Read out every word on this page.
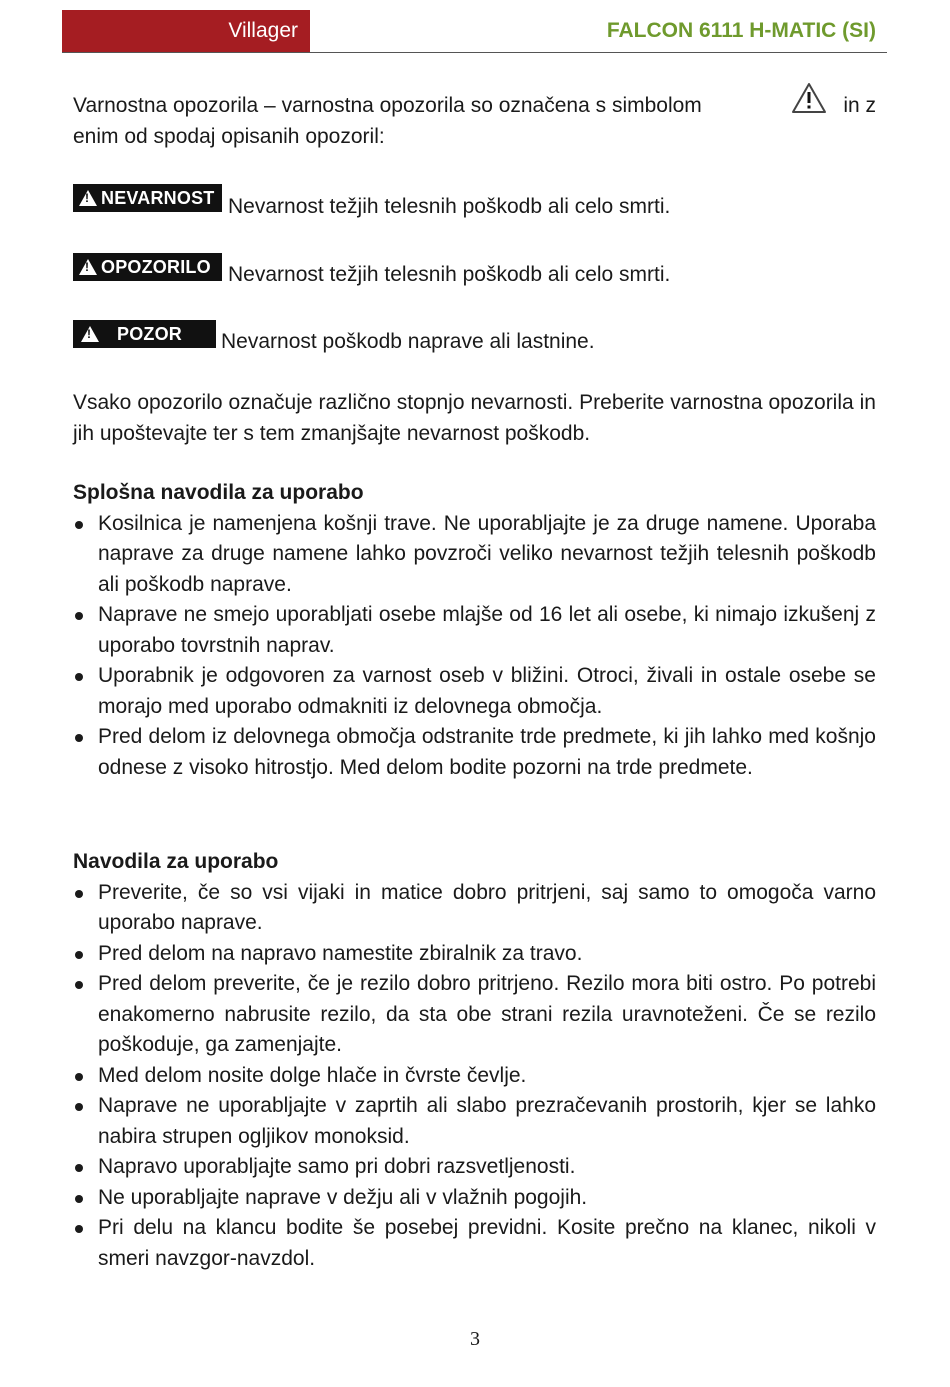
Villager	FALCON 6111 H-MATIC (SI)
Varnostna opozorila – varnostna opozorila so označena s simbolom	in z
enim od spodaj opisanih opozoril:
!
NEVARNOST Nevarnost težjih telesnih poškodb ali celo smrti.
!
OPOZORILO Nevarnost težjih telesnih poškodb ali celo smrti.
!
POZOR Nevarnost poškodb naprave ali lastnine.
Vsako opozorilo označuje različno stopnjo nevarnosti. Preberite varnostna opozorila in jih upoštevajte ter s tem zmanjšajte nevarnost poškodb.
Splošna navodila za uporabo
Kosilnica je namenjena košnji trave. Ne uporabljajte je za druge namene. Uporaba naprave za druge namene lahko povzroči veliko nevarnost težjih telesnih poškodb ali poškodb naprave.
Naprave ne smejo uporabljati osebe mlajše od 16 let ali osebe, ki nimajo izkušenj z uporabo tovrstnih naprav.
Uporabnik je odgovoren za varnost oseb v bližini. Otroci, živali in ostale osebe se morajo med uporabo odmakniti iz delovnega območja.
Pred delom iz delovnega območja odstranite trde predmete, ki jih lahko med košnjo odnese z visoko hitrostjo. Med delom bodite pozorni na trde predmete.
Navodila za uporabo
Preverite, če so vsi vijaki in matice dobro pritrjeni, saj samo to omogoča varno uporabo naprave.
Pred delom na napravo namestite zbiralnik za travo.
Pred delom preverite, če je rezilo dobro pritrjeno. Rezilo mora biti ostro. Po potrebi enakomerno nabrusite rezilo, da sta obe strani rezila uravnoteženi. Če se rezilo poškoduje, ga zamenjajte.
Med delom nosite dolge hlače in čvrste čevlje.
Naprave ne uporabljajte v zaprtih ali slabo prezračevanih prostorih, kjer se lahko nabira strupen ogljikov monoksid.
Napravo uporabljajte samo pri dobri razsvetljenosti.
Ne uporabljajte naprave v dežju ali v vlažnih pogojih.
Pri delu na klancu bodite še posebej previdni. Kosite prečno na klanec, nikoli v smeri navzgor-navzdol.
3
